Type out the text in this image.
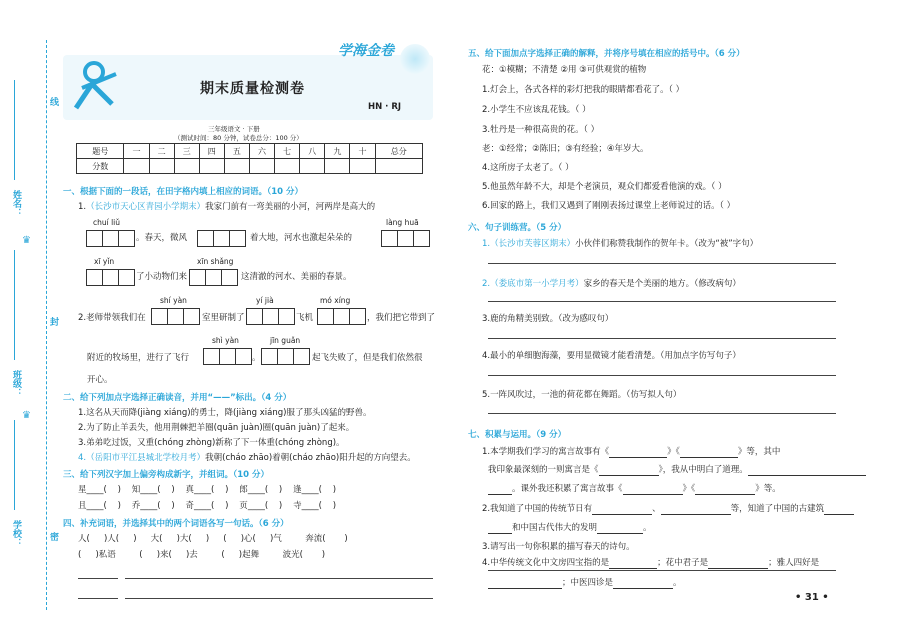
线
封
密
姓名：
班级：
学校：
♛
♛
期末质量检测卷
HN · RJ
三年级语文 · 下册
（测试时间：80 分钟，试卷总分：100 分）
学海金卷
题号	一	二	三	四	五	六	七	八	九	十	总分
分数											
一、根据下面的一段话，在田字格内填上相应的词语。（10 分）
1.（长沙市天心区青园小学期末）我家门前有一弯美丽的小河，河两岸是高大的
chuí liǔ
。春天，微风	着大地，河水也激起朵朵的
làng huā
xī yǐn
了小动物们来
xīn shǎng
这清澈的河水、美丽的春景。
shí yàn	yí jià	mó xíng
2.老师带领我们在	室里研制了	飞机	，我们把它带到了
shì yàn	jīn guǎn
附近的牧场里，进行了飞行	。	起飞失败了，但是我们依然很
开心。
二、给下列加点字选择正确读音，并用“——”标出。（4 分）
1.这名从天而降(jiàng xiáng)的勇士，降(jiàng xiáng)服了那头凶猛的野兽。
2.为了防止羊丢失，他用荆棘把羊圈(quān juàn)圈(quān juàn)了起来。
3.弟弟吃过饭，又重(chóng zhòng)新称了下一体重(chóng zhòng)。
4.（岳阳市平江县城北学校月考）我朝(cháo zhāo)着朝(cháo zhāo)阳升起的方向望去。
三、给下列汉字加上偏旁构成新字，并组词。（10 分）
星____(    )    知____(    )    真____(    )    郎____(    )    逢____(    )
且____(    )    乔____(    )    奇____(    )    页____(    )    寺____(    )
四、补充词语，并选择其中的两个词语各写一句话。（6 分）
人( )人( ) 大( )大( ) ( )心( )气	奔流(    )
( )私语	( )来( )去	( )起舞	波光(    )
五、给下面加点字选择正确的解释，并将序号填在相应的括号中。（6 分）
花：①模糊；不清楚 ②用 ③可供观赏的植物
1.灯会上，各式各样的彩灯把我的眼睛都看花了。（ ）
2.小学生不应该乱花钱。（ ）
3.牡丹是一种很高贵的花。（ ）
老：①经常；②陈旧；③有经验；④年岁大。
4.这所房子太老了。（ ）
5.他虽然年龄不大，却是个老演员，观众们都爱看他演的戏。（ ）
6.回家的路上，我们又遇到了刚刚表扬过课堂上老师说过的话。（ ）
六、句子训练营。（5 分）
1.（长沙市芙蓉区期末）小伙伴们称赞我制作的贺年卡。（改为“被”字句）
2.（娄底市第一小学月考）家乡的春天是个美丽的地方。（修改病句）
3.鹿的角精美别致。（改为感叹句）
4.最小的单细胞海藻，要用显微镜才能看清楚。（用加点字仿写句子）
5.一阵风吹过，一池的荷花都在舞蹈。（仿写拟人句）
七、积累与运用。（9 分）
1.本学期我们学习的寓言故事有《	》《	》等，其中
我印象最深刻的一则寓言是《	》，我从中明白了道理。
。课外我还积累了寓言故事《	》《	》等。
2.我知道了中国的传统节日有	、	等，知道了中国的古建筑
和中国古代伟大的发明	。
3.请写出一句你积累的描写春天的诗句。
4.中华传统文化中文房四宝指的是	；花中君子是	；雅人四好是
；中医四诊是	。
• 31 •
